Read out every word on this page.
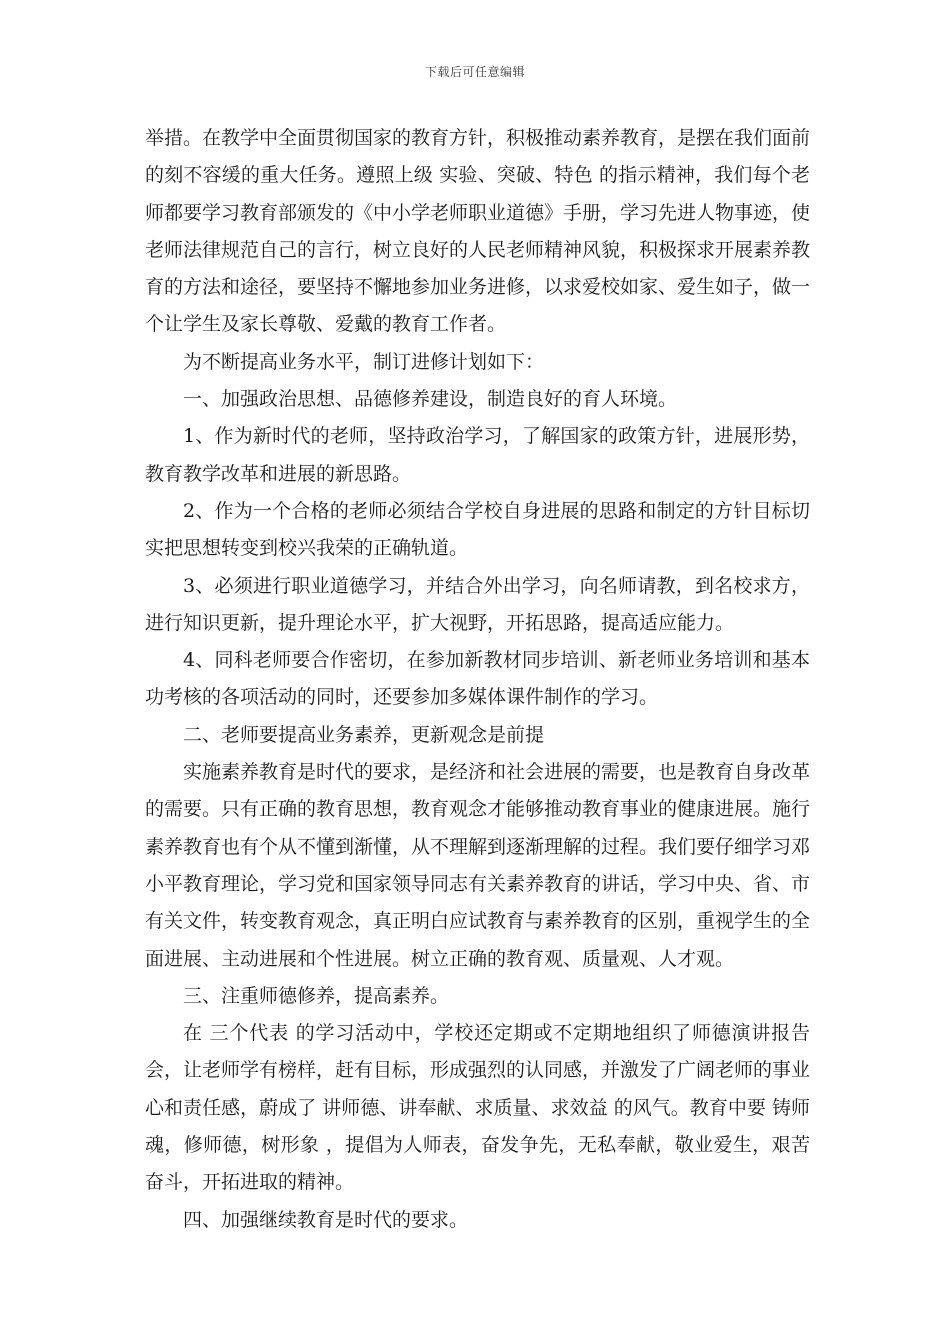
下载后可任意编辑

举措。在教学中全面贯彻国家的教育方针，积极推动素养教育，是摆在我们面前的刻不容缓的重大任务。遵照上级 实验、突破、特色 的指示精神，我们每个老师都要学习教育部颁发的《中小学老师职业道德》手册，学习先进人物事迹，使老师法律规范自己的言行，树立良好的人民老师精神风貌，积极探求开展素养教育的方法和途径，要坚持不懈地参加业务进修，以求爱校如家、爱生如子，做一个让学生及家长尊敬、爱戴的教育工作者。

为不断提高业务水平，制订进修计划如下：

一、加强政治思想、品德修养建设，制造良好的育人环境。

1、作为新时代的老师，坚持政治学习，了解国家的政策方针，进展形势，教育教学改革和进展的新思路。

2、作为一个合格的老师必须结合学校自身进展的思路和制定的方针目标切实把思想转变到校兴我荣的正确轨道。

3、必须进行职业道德学习，并结合外出学习，向名师请教，到名校求方，进行知识更新，提升理论水平，扩大视野，开拓思路，提高适应能力。

4、同科老师要合作密切，在参加新教材同步培训、新老师业务培训和基本功考核的各项活动的同时，还要参加多媒体课件制作的学习。

二、老师要提高业务素养，更新观念是前提

实施素养教育是时代的要求，是经济和社会进展的需要，也是教育自身改革的需要。只有正确的教育思想，教育观念才能够推动教育事业的健康进展。施行素养教育也有个从不懂到渐懂，从不理解到逐渐理解的过程。我们要仔细学习邓小平教育理论，学习党和国家领导同志有关素养教育的讲话，学习中央、省、市有关文件，转变教育观念，真正明白应试教育与素养教育的区别，重视学生的全面进展、主动进展和个性进展。树立正确的教育观、质量观、人才观。

三、注重师德修养，提高素养。

在 三个代表 的学习活动中，学校还定期或不定期地组织了师德演讲报告会，让老师学有榜样，赶有目标，形成强烈的认同感，并激发了广阔老师的事业心和责任感，蔚成了 讲师德、讲奉献、求质量、求效益 的风气。教育中要 铸师魂，修师德，树形象 ，提倡为人师表，奋发争先，无私奉献，敬业爱生，艰苦奋斗，开拓进取的精神。

四、加强继续教育是时代的要求。
